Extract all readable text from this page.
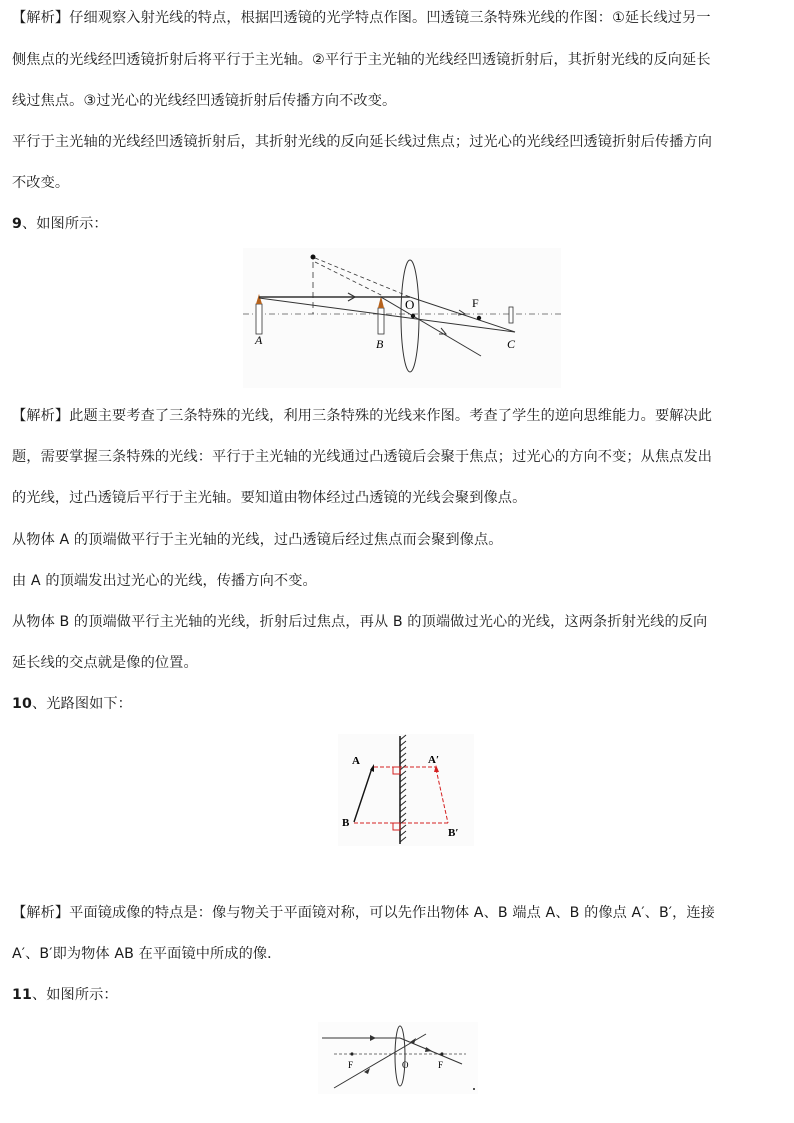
【解析】仔细观察入射光线的特点，根据凹透镜的光学特点作图。凹透镜三条特殊光线的作图：①延长线过另一
侧焦点的光线经凹透镜折射后将平行于主光轴。②平行于主光轴的光线经凹透镜折射后，其折射光线的反向延长
线过焦点。③过光心的光线经凹透镜折射后传播方向不改变。
平行于主光轴的光线经凹透镜折射后，其折射光线的反向延长线过焦点；过光心的光线经凹透镜折射后传播方向
不改变。
9、如图所示：
A	B	C
O	F
【解析】此题主要考查了三条特殊的光线，利用三条特殊的光线来作图。考查了学生的逆向思维能力。要解决此
题，需要掌握三条特殊的光线：平行于主光轴的光线通过凸透镜后会聚于焦点；过光心的方向不变；从焦点发出
的光线，过凸透镜后平行于主光轴。要知道由物体经过凸透镜的光线会聚到像点。
从物体 A 的顶端做平行于主光轴的光线，过凸透镜后经过焦点而会聚到像点。
由 A 的顶端发出过光心的光线，传播方向不变。
从物体 B 的顶端做平行主光轴的光线，折射后过焦点，再从 B 的顶端做过光心的光线，这两条折射光线的反向
延长线的交点就是像的位置。
10、光路图如下：
A
B
A′
B′
【解析】平面镜成像的特点是：像与物关于平面镜对称，可以先作出物体 A、B 端点 A、B 的像点 A′、B′，连接
A′、B′即为物体 AB 在平面镜中所成的像．
11、如图所示：
F	O	F
